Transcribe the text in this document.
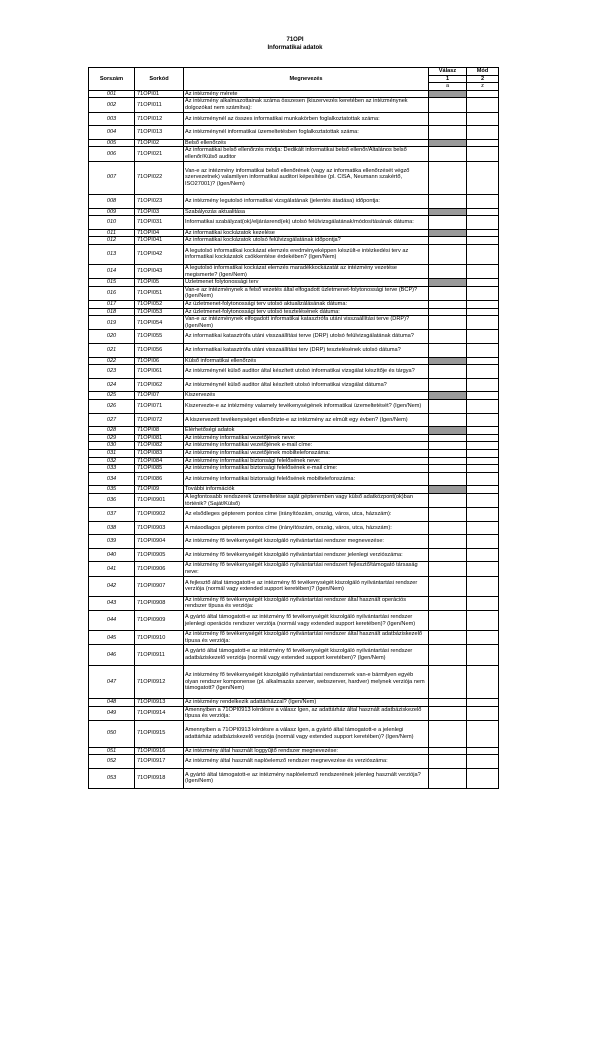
71OPI
Informatikai adatok
Sorszám	Sorkód	Megnevezés	Válasz	Mód
			1	2
			a	z
001	71OPI01	Az intézmény mérete		
002	71OPI011	Az intézmény alkalmazottainak száma összesen (kiszervezés keretében az intézménynek dolgozókat nem számítva):		
003	71OPI012	Az intézménynél az összes informatikai munkakörben foglalkoztatottak száma:		
004	71OPI013	Az intézménynél informatikai üzemeltetésben foglalkoztatottak száma:		
005	71OPI02	Belső ellenőrzés		
006	71OPI021	Az informatikai belső ellenőrzés módja: Dedikált informatikai belső ellenőr/Általános belső ellenőr/Külső auditor		
007	71OPI022	Van-e az intézmény informatikai belső ellenőrének (vagy az informatika ellenőrzését végző szervezetnek) valamilyen informatikai auditori képesítése (pl. CISA, Neumann szakértő, ISO27001)? (Igen/Nem)		
008	71OPI023	Az intézmény legutolsó informatikai vizsgálatának (jelentés átadása) időpontja:		
009	71OPI03	Szabályozás aktualitása		
010	71OPI031	Informatikai szabályzat(ok)/eljárásrend(ek) utolsó felülvizsgálatának/módosításának dátuma:		
011	71OPI04	Az informatikai kockázatok kezelése		
012	71OPI041	Az informatikai kockázatok utolsó felülvizsgálatának időpontja?		
013	71OPI042	A legutolsó informatikai kockázat elemzés eredményeképpen készült-e intézkedési terv az informatikai kockázatok csökkentése érdekében? (Igen/Nem)		
014	71OPI043	A legutolsó informatikai kockázat elemzés maradékkockázatát az intézmény vezetése megismerte? (Igen/Nem)		
015	71OPI05	Üzletmenet folytonossági terv		
016	71OPI051	Van-e az intézménynek a felső vezetés által elfogadott üzletmenet-folytonossági terve (BCP)? (Igen/Nem)		
017	71OPI052	Az üzletmenet-folytonossági terv utolsó aktualizálásának dátuma:		
018	71OPI053	Az üzletmenet-folytonossági terv utolsó tesztelésének dátuma:		
019	71OPI054	Van-e az intézménynek elfogadott informatikai katasztrófa utáni visszaállítási terve (DRP)? (Igen/Nem)		
020	71OPI055	Az informatikai katasztrófa utáni visszaállítási terve (DRP) utolsó felülvizsgálatának dátuma?		
021	71OPI056	Az informatikai katasztrófa utáni visszaállítási terv (DRP) tesztelésének utolsó dátuma?		
022	71OPI06	Külső informatikai ellenőrzés		
023	71OPI061	Az intézménynél külső auditor által készített utolsó informatikai vizsgálat készítője és tárgya?		
024	71OPI062	Az intézménynél külső auditor által készített utolsó informatikai vizsgálat dátuma?		
025	71OPI07	Kiszervezés		
026	71OPI071	Kiszervezte-e az intézmény valamely tevékenységének informatikai üzemeltetését? (Igen/Nem)		
027	71OPI072	A kiszervezett tevékenységet ellenőrizte-e az intézmény az elmúlt egy évben? (Igen/Nem)		
028	71OPI08	Elérhetőségi adatok		
029	71OPI081	Az intézmény informatikai vezetőjének neve:		
030	71OPI082	Az intézmény informatikai vezetőjének e-mail címe:		
031	71OPI083	Az intézmény informatikai vezetőjének mobiltelefonszáma:		
032	71OPI084	Az intézmény informatikai biztonsági felelősének neve:		
033	71OPI085	Az intézmény informatikai biztonsági felelősének e-mail címe:		
034	71OPI086	Az intézmény informatikai biztonsági felelősének mobiltelefonszáma:		
035	71OPI09	További információk		
036	71OPI0901	A legfontosabb rendszerek üzemeltetése saját gépteremben vagy külső adatközpont(ok)ban történik? (Saját/Külső)		
037	71OPI0902	Az elsődleges gépterem pontos címe (irányítószám, ország, város, utca, házszám):		
038	71OPI0903	A másodlagos gépterem pontos címe (irányítószám, ország, város, utca, házszám):		
039	71OPI0904	Az intézmény fő tevékenységét kiszolgáló nyilvántartási rendszer megnevezése:		
040	71OPI0905	Az intézmény fő tevékenységét kiszolgáló nyilvántartási rendszer jelenlegi verziószáma:		
041	71OPI0906	Az intézmény fő tevékenységét kiszolgáló nyilvántartási rendszert fejlesztő/támogató társaság neve:		
042	71OPI0907	A fejlesztő által támogatott-e az intézmény fő tevékenységét kiszolgáló nyilvántartási rendszer verziója (normál vagy extended support keretében)? (Igen/Nem)		
043	71OPI0908	Az intézmény fő tevékenységét kiszolgáló nyilvántartási rendszer által használt operációs rendszer típusa és verziója:		
044	71OPI0909	A gyártó által támogatott-e az intézmény fő tevékenységét kiszolgáló nyilvántartási rendszer jelenlegi operációs rendszer verziója (normál vagy extended support keretében)? (Igen/Nem)		
045	71OPI0910	Az intézmény fő tevékenységét kiszolgáló nyilvántartási rendszer által használt adatbáziskezelő típusa és verziója:		
046	71OPI0911	A gyártó által támogatott-e az intézmény fő tevékenységét kiszolgáló nyilvántartási rendszer adatbáziskezelő verziója (normál vagy extended support keretében)? (Igen/Nem)		
047	71OPI0912	Az intézmény fő tevékenységét kiszolgáló nyilvántartási rendszernek van-e bármilyen egyéb olyan rendszer komponense (pl. alkalmazás szerver, webszerver, hardver) melynek verziója nem támogatott? (Igen/Nem)		
048	71OPI0913	Az intézmény rendelkezik adattárházzal? (Igen/Nem)		
049	71OPI0914	Amennyiben a 71OPI0913 kérdésre a válasz Igen, az adattárház által használt adatbáziskezelő típusa és verziója:		
050	71OPI0915	Amennyiben a 71OPI0913 kérdésre a válasz Igen, a gyártó által támogatott-e a jelenlegi adattárház adatbáziskezelő verziója (normál vagy extended support keretében)? (Igen/Nem)		
051	71OPI0916	Az intézmény által használt loggyűjtő rendszer megnevezése:		
052	71OPI0917	Az intézmény által használt naplóelemző rendszer megnevezése és verziószáma:		
053	71OPI0918	A gyártó által támogatott-e az intézmény naplóelemző rendszerének jelenleg használt verziója? (Igen/Nem)		
